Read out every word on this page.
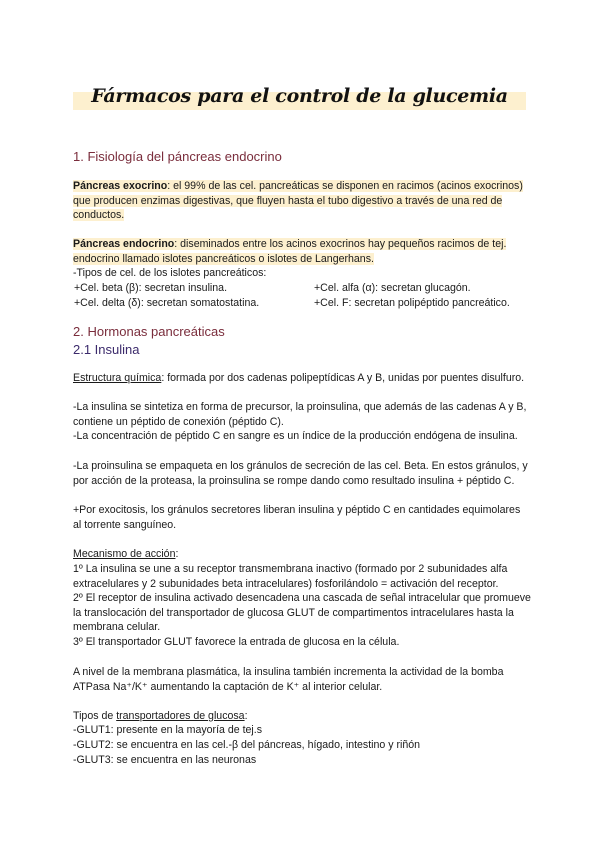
Fármacos para el control de la glucemia
1. Fisiología del páncreas endocrino
Páncreas exocrino: el 99% de las cel. pancreáticas se disponen en racimos (acinos exocrinos) que producen enzimas digestivas, que fluyen hasta el tubo digestivo a través de una red de conductos.
Páncreas endocrino: diseminados entre los acinos exocrinos hay pequeños racimos de tej. endocrino llamado islotes pancreáticos o islotes de Langerhans.
-Tipos de cel. de los islotes pancreáticos:
+Cel. beta (β): secretan insulina.	+Cel. alfa (α): secretan glucagón.
+Cel. delta (δ): secretan somatostatina.	+Cel. F: secretan polipéptido pancreático.
2. Hormonas pancreáticas
2.1 Insulina
Estructura química: formada por dos cadenas polipeptídicas A y B, unidas por puentes disulfuro.
-La insulina se sintetiza en forma de precursor, la proinsulina, que además de las cadenas A y B, contiene un péptido de conexión (péptido C).
-La concentración de péptido C en sangre es un índice de la producción endógena de insulina.
-La proinsulina se empaqueta en los gránulos de secreción de las cel. Beta. En estos gránulos, y por acción de la proteasa, la proinsulina se rompe dando como resultado insulina + péptido C.
+Por exocitosis, los gránulos secretores liberan insulina y péptido C en cantidades equimolares al torrente sanguíneo.
Mecanismo de acción:
1º La insulina se une a su receptor transmembrana inactivo (formado por 2 subunidades alfa extracelulares y 2 subunidades beta intracelulares) fosforilándolo = activación del receptor.
2º El receptor de insulina activado desencadena una cascada de señal intracelular que promueve la translocación del transportador de glucosa GLUT de compartimentos intracelulares hasta la membrana celular.
3º El transportador GLUT favorece la entrada de glucosa en la célula.
A nivel de la membrana plasmática, la insulina también incrementa la actividad de la bomba ATPasa Na⁺/K⁺ aumentando la captación de K⁺ al interior celular.
Tipos de transportadores de glucosa:
-GLUT1: presente en la mayoría de tej.s
-GLUT2: se encuentra en las cel.-β del páncreas, hígado, intestino y riñón
-GLUT3: se encuentra en las neuronas
